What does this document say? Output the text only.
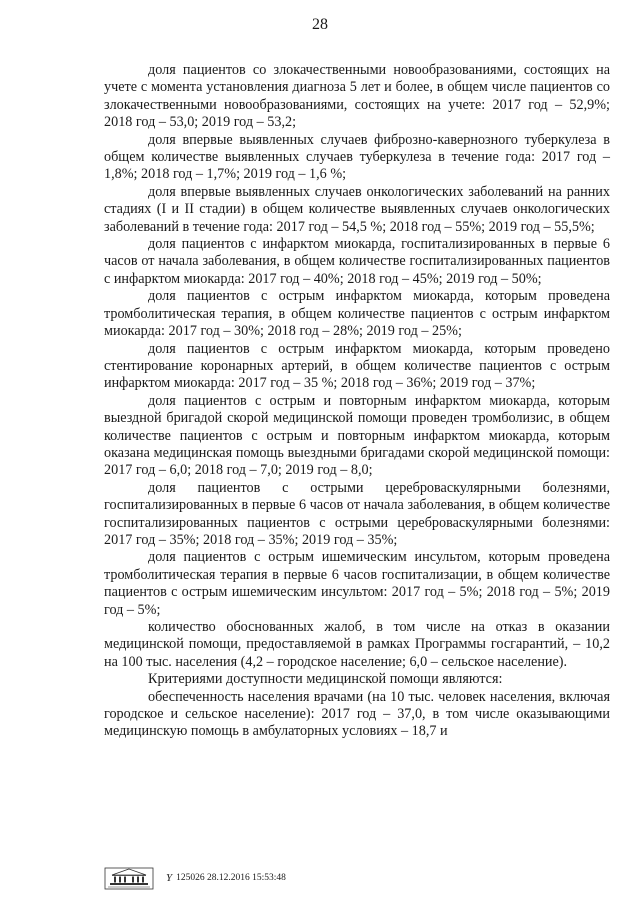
28

доля пациентов со злокачественными новообразованиями, состоящих на учете с момента установления диагноза 5 лет и более, в общем числе пациентов со злокачественными новообразованиями, состоящих на учете: 2017 год – 52,9%; 2018 год – 53,0; 2019 год – 53,2;

доля впервые выявленных случаев фиброзно-кавернозного туберкулеза в общем количестве выявленных случаев туберкулеза в течение года: 2017 год – 1,8%; 2018 год – 1,7%; 2019 год – 1,6 %;

доля впервые выявленных случаев онкологических заболеваний на ранних стадиях (I и II стадии) в общем количестве выявленных случаев онкологических заболеваний в течение года: 2017 год – 54,5 %; 2018 год – 55%; 2019 год – 55,5%;

доля пациентов с инфарктом миокарда, госпитализированных в первые 6 часов от начала заболевания, в общем количестве госпитализированных пациентов с инфарктом миокарда: 2017 год – 40%; 2018 год – 45%; 2019 год – 50%;

доля пациентов с острым инфарктом миокарда, которым проведена тромболитическая терапия, в общем количестве пациентов с острым инфарктом миокарда: 2017 год – 30%; 2018 год – 28%; 2019 год – 25%;

доля пациентов с острым инфарктом миокарда, которым проведено стентирование коронарных артерий, в общем количестве пациентов с острым инфарктом миокарда: 2017 год – 35 %; 2018 год – 36%; 2019 год – 37%;

доля пациентов с острым и повторным инфарктом миокарда, которым выездной бригадой скорой медицинской помощи проведен тромболизис, в общем количестве пациентов с острым и повторным инфарктом миокарда, которым оказана медицинская помощь выездными бригадами скорой медицинской помощи: 2017 год – 6,0; 2018 год – 7,0; 2019 год – 8,0;

доля пациентов с острыми цереброваскулярными болезнями, госпитализированных в первые 6 часов от начала заболевания, в общем количестве госпитализированных пациентов с острыми цереброваскулярными болезнями: 2017 год – 35%; 2018 год – 35%; 2019 год – 35%;

доля пациентов с острым ишемическим инсультом, которым проведена тромболитическая терапия в первые 6 часов госпитализации, в общем количестве пациентов с острым ишемическим инсультом: 2017 год – 5%; 2018 год – 5%; 2019 год – 5%;

количество обоснованных жалоб, в том числе на отказ в оказании медицинской помощи, предоставляемой в рамках Программы госгарантий, – 10,2 на 100 тыс. населения (4,2 – городское население; 6,0 – сельское население).

Критериями доступности медицинской помощи являются:

обеспеченность населения врачами (на 10 тыс. человек населения, включая городское и сельское население): 2017 год – 37,0, в том числе оказывающими медицинскую помощь в амбулаторных условиях – 18,7 и

Ү 125026 28.12.2016 15:53:48
